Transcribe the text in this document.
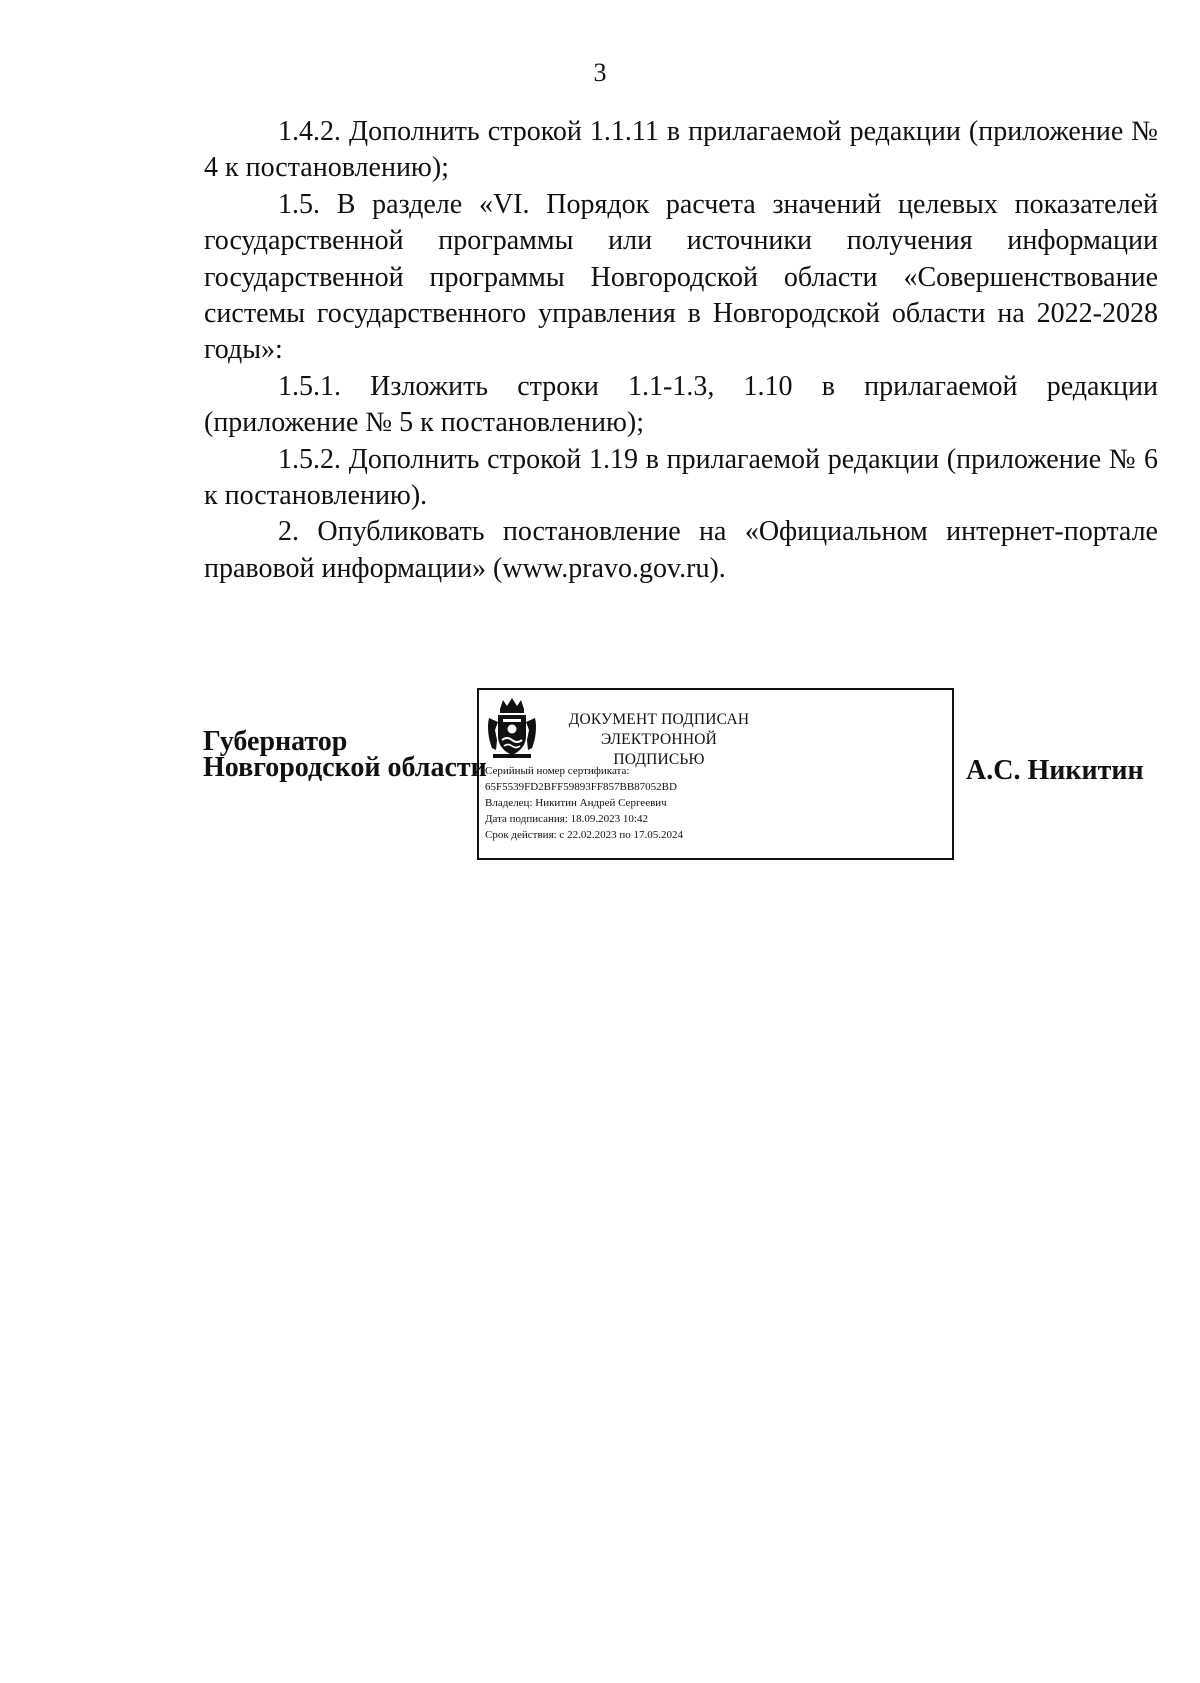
3

1.4.2. Дополнить строкой 1.1.11 в прилагаемой редакции (приложение № 4 к постановлению);

1.5. В разделе «VI. Порядок расчета значений целевых показателей государственной программы или источники получения информации государственной программы Новгородской области «Совершенствование системы государственного управления в Новгородской области на 2022-2028 годы»:

1.5.1. Изложить строки 1.1-1.3, 1.10 в прилагаемой редакции (приложение № 5 к постановлению);

1.5.2. Дополнить строкой 1.19 в прилагаемой редакции (приложение № 6 к постановлению).

2. Опубликовать постановление на «Официальном интернет-портале правовой информации» (www.pravo.gov.ru).

Губернатор
Новгородской области
ДОКУМЕНТ ПОДПИСАН
ЭЛЕКТРОННОЙ ПОДПИСЬЮ
Серийный номер сертификата:
65F5539FD2BFF59893FF857BB87052BD
Владелец: Никитин Андрей Сергеевич
Дата подписания: 18.09.2023 10:42
Срок действия: с 22.02.2023 по 17.05.2024
А.С. Никитин
